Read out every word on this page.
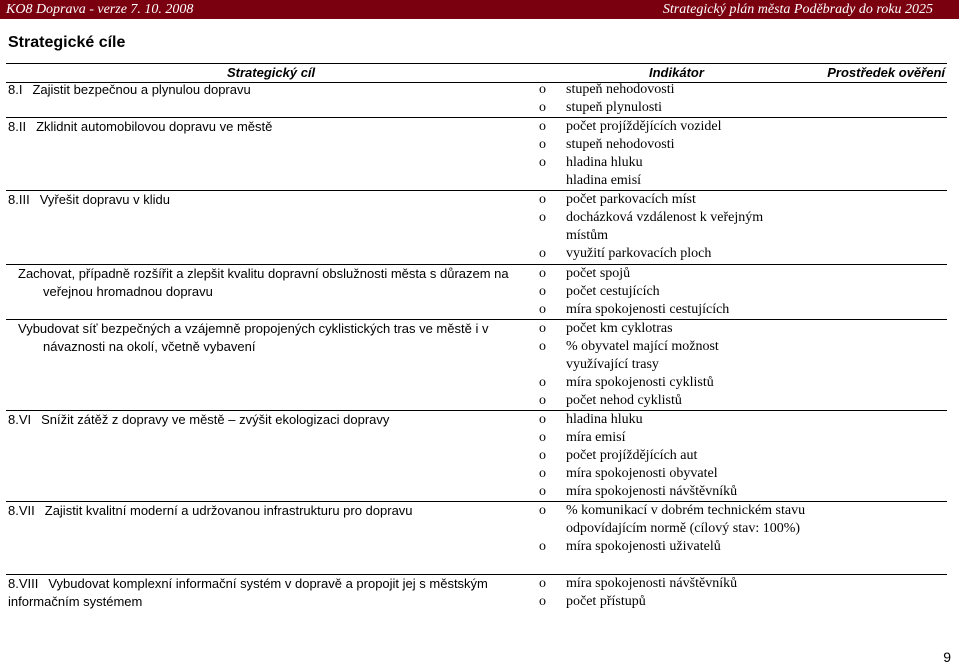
KO8 Doprava - verze 7. 10. 2008	Strategický plán města Poděbrady do roku 2025
Strategické cíle
Strategický cíl	Indikátor	Prostředek ověření
8.I Zajistit bezpečnou a plynulou dopravu	o stupeň nehodovosti
o stupeň plynulosti
8.II Zklidnit automobilovou dopravu ve městě	o počet projíždějících vozidel
o stupeň nehodovosti
o hladina hluku
hladina emisí
8.III Vyřešit dopravu v klidu	o počet parkovacích míst
o docházková vzdálenost k veřejným místům
o využití parkovacích ploch
Zachovat, případně rozšířit a zlepšit kvalitu dopravní obslužnosti města s důrazem na veřejnou hromadnou dopravu
o počet spojů
o počet cestujících
o míra spokojenosti cestujících
Vybudovat síť bezpečných a vzájemně propojených cyklistických tras ve městě i v návaznosti na okolí, včetně vybavení
o počet km cyklotras
o % obyvatel mající možnost využívající trasy
o míra spokojenosti cyklistů
o počet nehod cyklistů
8.VI Snížit zátěž z dopravy ve městě – zvýšit ekologizaci dopravy	o hladina hluku
o míra emisí
o počet projíždějících aut
o míra spokojenosti obyvatel
o míra spokojenosti návštěvníků
8.VII Zajistit kvalitní moderní a udržovanou infrastrukturu pro dopravu	o % komunikací v dobrém technickém stavu odpovídajícím normě (cílový stav: 100%)
o míra spokojenosti uživatelů
8.VIII Vybudovat komplexní informační systém v dopravě a propojit jej s městským informačním systémem
o míra spokojenosti návštěvníků
o počet přístupů
9
